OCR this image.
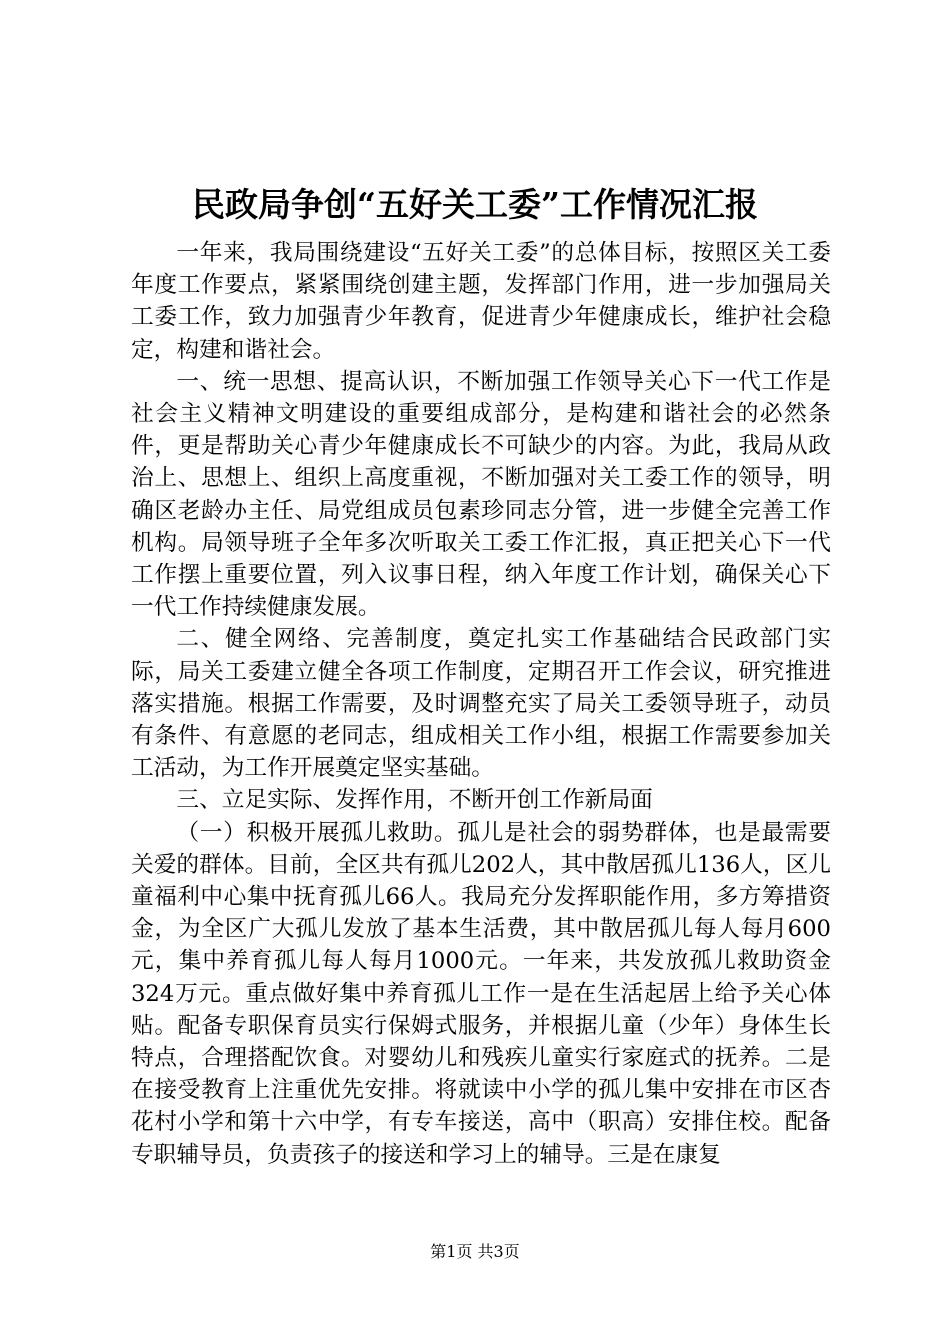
民政局争创“五好关工委”工作情况汇报

一年来，我局围绕建设“五好关工委”的总体目标，按照区关工委年度工作要点，紧紧围绕创建主题，发挥部门作用，进一步加强局关工委工作，致力加强青少年教育，促进青少年健康成长，维护社会稳定，构建和谐社会。

一、统一思想、提高认识，不断加强工作领导关心下一代工作是社会主义精神文明建设的重要组成部分，是构建和谐社会的必然条件，更是帮助关心青少年健康成长不可缺少的内容。为此，我局从政治上、思想上、组织上高度重视，不断加强对关工委工作的领导，明确区老龄办主任、局党组成员包素珍同志分管，进一步健全完善工作机构。局领导班子全年多次听取关工委工作汇报，真正把关心下一代工作摆上重要位置，列入议事日程，纳入年度工作计划，确保关心下一代工作持续健康发展。

二、健全网络、完善制度，奠定扎实工作基础结合民政部门实际，局关工委建立健全各项工作制度，定期召开工作会议，研究推进落实措施。根据工作需要，及时调整充实了局关工委领导班子，动员有条件、有意愿的老同志，组成相关工作小组，根据工作需要参加关工活动，为工作开展奠定坚实基础。

三、立足实际、发挥作用，不断开创工作新局面

（一）积极开展孤儿救助。孤儿是社会的弱势群体，也是最需要关爱的群体。目前，全区共有孤儿202人，其中散居孤儿136人，区儿童福利中心集中抚育孤儿66人。我局充分发挥职能作用，多方筹措资金，为全区广大孤儿发放了基本生活费，其中散居孤儿每人每月600元，集中养育孤儿每人每月1000元。一年来，共发放孤儿救助资金324万元。重点做好集中养育孤儿工作一是在生活起居上给予关心体贴。配备专职保育员实行保姆式服务，并根据儿童（少年）身体生长特点，合理搭配饮食。对婴幼儿和残疾儿童实行家庭式的抚养。二是在接受教育上注重优先安排。将就读中小学的孤儿集中安排在市区杏花村小学和第十六中学，有专车接送，高中（职高）安排住校。配备专职辅导员，负责孩子的接送和学习上的辅导。三是在康复

第1页 共3页
